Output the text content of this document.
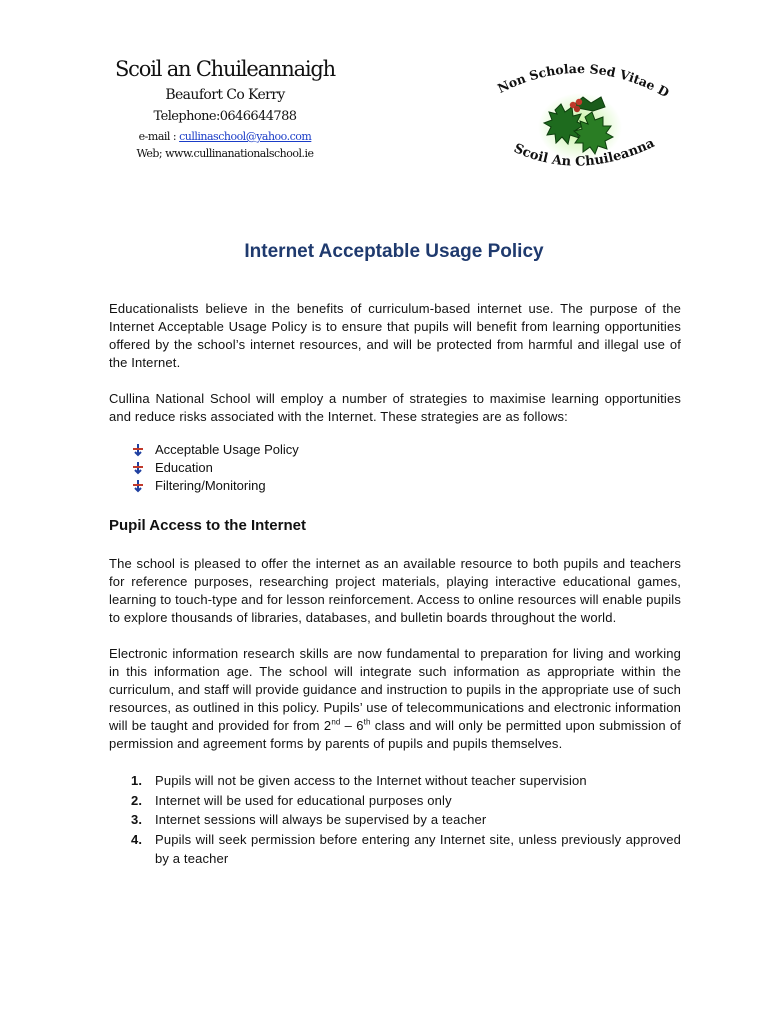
Scoil an Chuileannaigh
Beaufort Co Kerry
Telephone:0646644788
e-mail : cullinaschool@yahoo.com
Web; www.cullinanationalschool.ie
Non Scholae Sed Vitae D
Scoil An Chuileanna
Internet Acceptable Usage Policy

Educationalists believe in the benefits of curriculum-based internet use. The purpose of the Internet Acceptable Usage Policy is to ensure that pupils will benefit from learning opportunities offered by the school’s internet resources, and will be protected from harmful and illegal use of the Internet.

Cullina National School will employ a number of strategies to maximise learning opportunities and reduce risks associated with the Internet. These strategies are as follows:

Acceptable Usage Policy
Education
Filtering/Monitoring
Pupil Access to the Internet

The school is pleased to offer the internet as an available resource to both pupils and teachers for reference purposes, researching project materials, playing interactive educational games, learning to touch-type and for lesson reinforcement. Access to online resources will enable pupils to explore thousands of libraries, databases, and bulletin boards throughout the world.

Electronic information research skills are now fundamental to preparation for living and working in this information age. The school will integrate such information as appropriate within the curriculum, and staff will provide guidance and instruction to pupils in the appropriate use of such resources, as outlined in this policy. Pupils’ use of telecommunications and electronic information will be taught and provided for from 2nd – 6th class and will only be permitted upon submission of permission and agreement forms by parents of pupils and pupils themselves.

1. Pupils will not be given access to the Internet without teacher supervision
2. Internet will be used for educational purposes only
3. Internet sessions will always be supervised by a teacher
4. Pupils will seek permission before entering any Internet site, unless previously approved by a teacher
